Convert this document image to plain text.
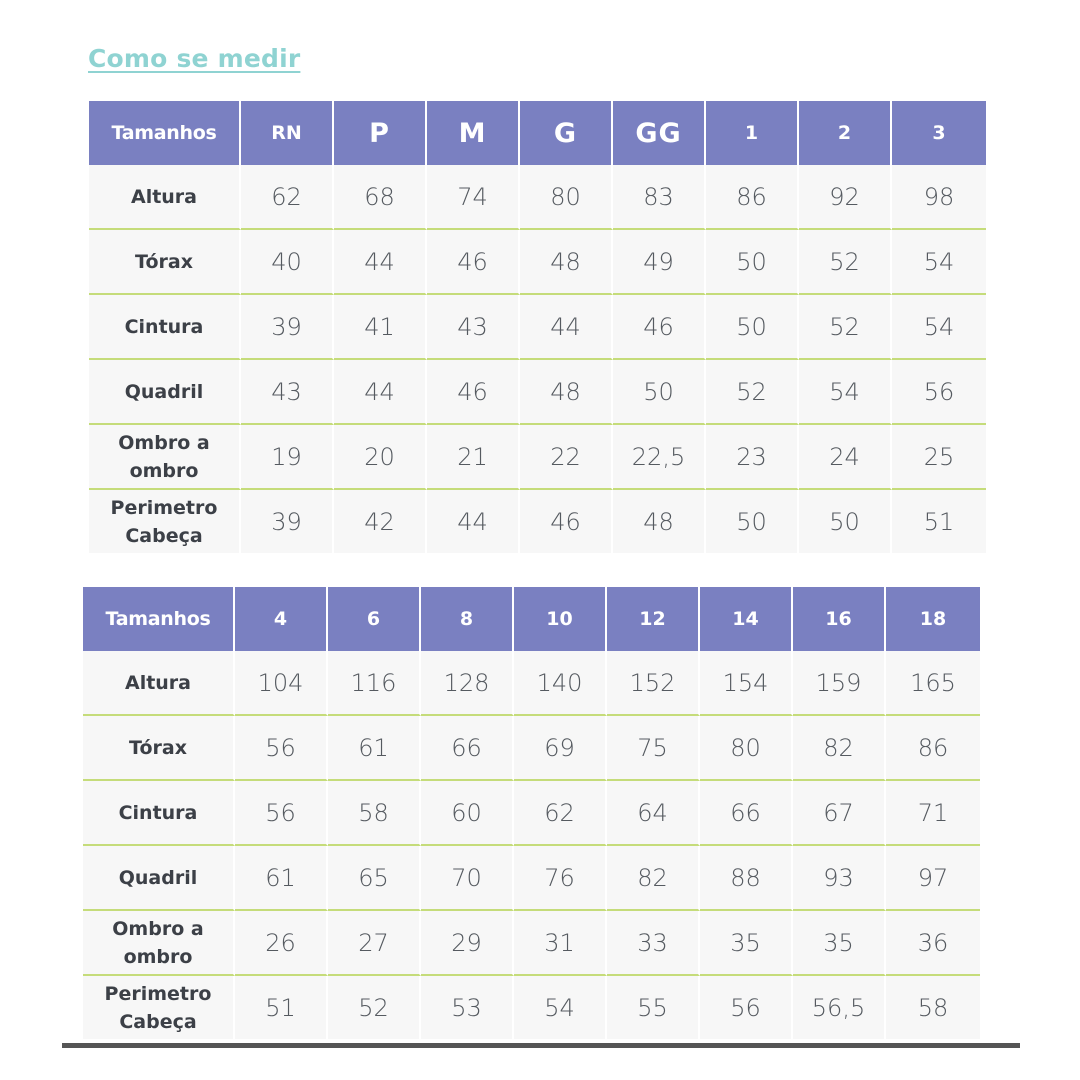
Como se medir
Tamanhos	RN	P	M	G	GG	1	2	3
Altura	62	68	74	80	83	86	92	98
Tórax	40	44	46	48	49	50	52	54
Cintura	39	41	43	44	46	50	52	54
Quadril	43	44	46	48	50	52	54	56
Ombro a ombro	19	20	21	22	22,5	23	24	25
Perimetro Cabeça	39	42	44	46	48	50	50	51
Tamanhos	4	6	8	10	12	14	16	18
Altura	104	116	128	140	152	154	159	165
Tórax	56	61	66	69	75	80	82	86
Cintura	56	58	60	62	64	66	67	71
Quadril	61	65	70	76	82	88	93	97
Ombro a ombro	26	27	29	31	33	35	35	36
Perimetro Cabeça	51	52	53	54	55	56	56,5	58
